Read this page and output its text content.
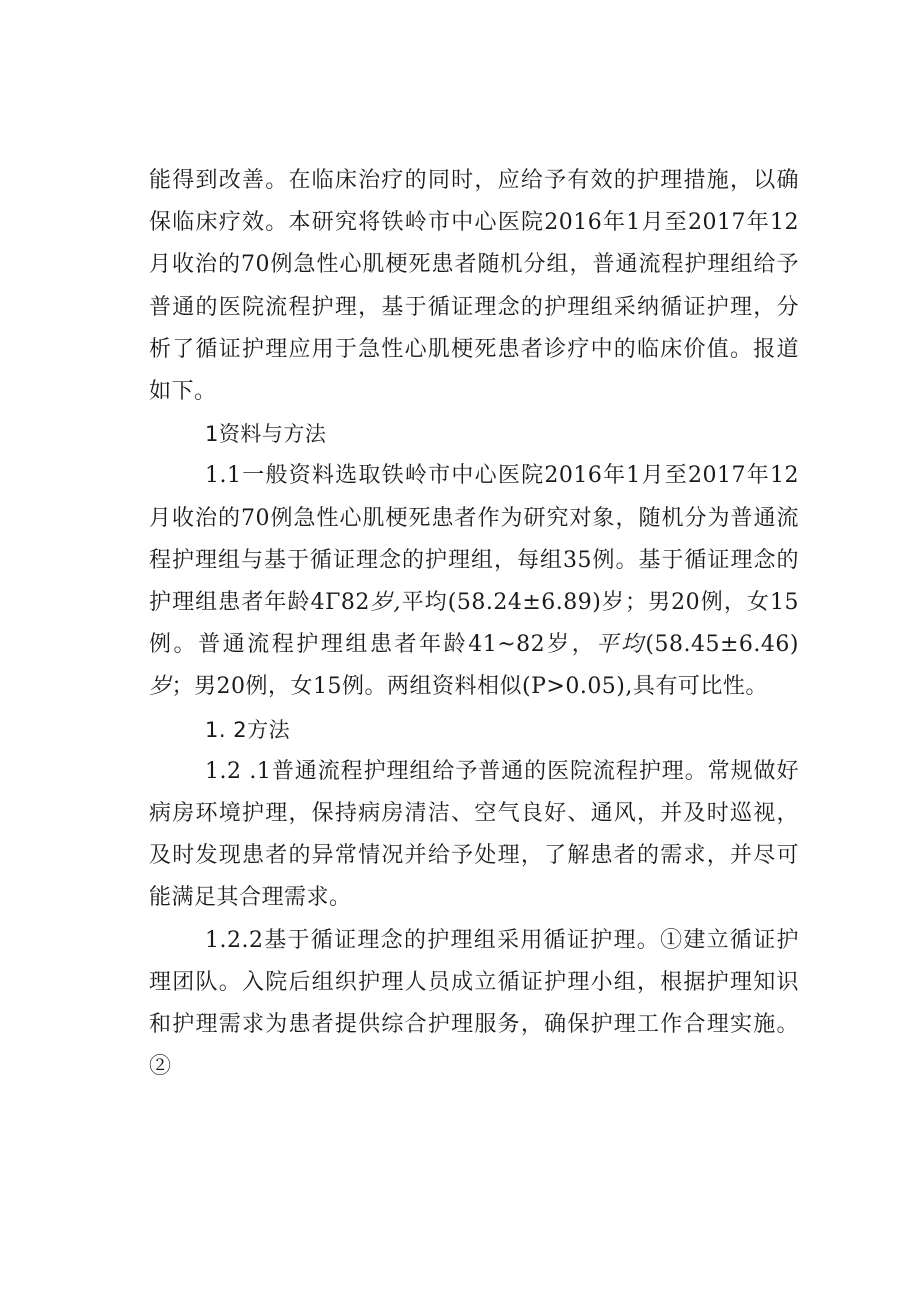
能得到改善。在临床治疗的同时，应给予有效的护理措施，以确保临床疗效。本研究将铁岭市中心医院2016年1月至2017年12月收治的70例急性心肌梗死患者随机分组，普通流程护理组给予普通的医院流程护理，基于循证理念的护理组采纳循证护理，分析了循证护理应用于急性心肌梗死患者诊疗中的临床价值。报道如下。

1资料与方法

1.1一般资料选取铁岭市中心医院2016年1月至2017年12月收治的70例急性心肌梗死患者作为研究对象，随机分为普通流程护理组与基于循证理念的护理组，每组35例。基于循证理念的护理组患者年龄4Γ82岁,平均(58.24±6.89)岁；男20例，女15例。普通流程护理组患者年龄41~82岁，平均(58.45±6.46)岁；男20例，女15例。两组资料相似(P>0.05),具有可比性。

1. 2方法

1.2 .1普通流程护理组给予普通的医院流程护理。常规做好病房环境护理，保持病房清洁、空气良好、通风，并及时巡视，及时发现患者的异常情况并给予处理，了解患者的需求，并尽可能满足其合理需求。

1.2.2基于循证理念的护理组采用循证护理。①建立循证护理团队。入院后组织护理人员成立循证护理小组，根据护理知识和护理需求为患者提供综合护理服务，确保护理工作合理实施。②
